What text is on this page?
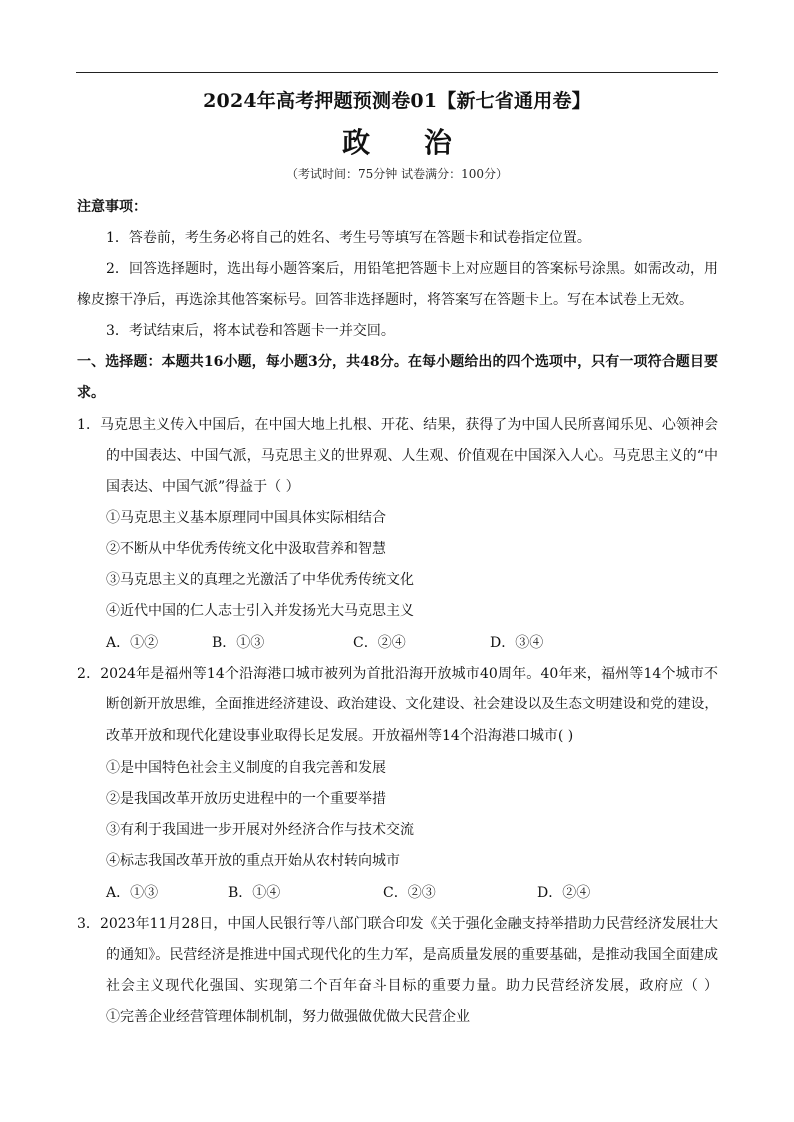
2024年高考押题预测卷01【新七省通用卷】
政 治
（考试时间：75分钟 试卷满分：100分）
注意事项：
1．答卷前，考生务必将自己的姓名、考生号等填写在答题卡和试卷指定位置。
2．回答选择题时，选出每小题答案后，用铅笔把答题卡上对应题目的答案标号涂黑。如需改动，用
橡皮擦干净后，再选涂其他答案标号。回答非选择题时，将答案写在答题卡上。写在本试卷上无效。
3．考试结束后，将本试卷和答题卡一并交回。
一、选择题：本题共16小题，每小题3分，共48分。在每小题给出的四个选项中，只有一项符合题目要
求。
1．马克思主义传入中国后，在中国大地上扎根、开花、结果，获得了为中国人民所喜闻乐见、心领神会
的中国表达、中国气派，马克思主义的世界观、人生观、价值观在中国深入人心。马克思主义的“中
国表达、中国气派”得益于（ ）
①马克思主义基本原理同中国具体实际相结合
②不断从中华优秀传统文化中汲取营养和智慧
③马克思主义的真理之光激活了中华优秀传统文化
④近代中国的仁人志士引入并发扬光大马克思主义
A．①②	B．①③	C．②④	D．③④
2．2024年是福州等14个沿海港口城市被列为首批沿海开放城市40周年。40年来，福州等14个城市不
断创新开放思维，全面推进经济建设、政治建设、文化建设、社会建设以及生态文明建设和党的建设，
改革开放和现代化建设事业取得长足发展。开放福州等14个沿海港口城市( )
①是中国特色社会主义制度的自我完善和发展
②是我国改革开放历史进程中的一个重要举措
③有利于我国进一步开展对外经济合作与技术交流
④标志我国改革开放的重点开始从农村转向城市
A．①③	B．①④	C．②③	D．②④
3．2023年11月28日，中国人民银行等八部门联合印发《关于强化金融支持举措助力民营经济发展壮大
的通知》。民营经济是推进中国式现代化的生力军，是高质量发展的重要基础，是推动我国全面建成
社会主义现代化强国、实现第二个百年奋斗目标的重要力量。助力民营经济发展，政府应（ ）
①完善企业经营管理体制机制，努力做强做优做大民营企业
